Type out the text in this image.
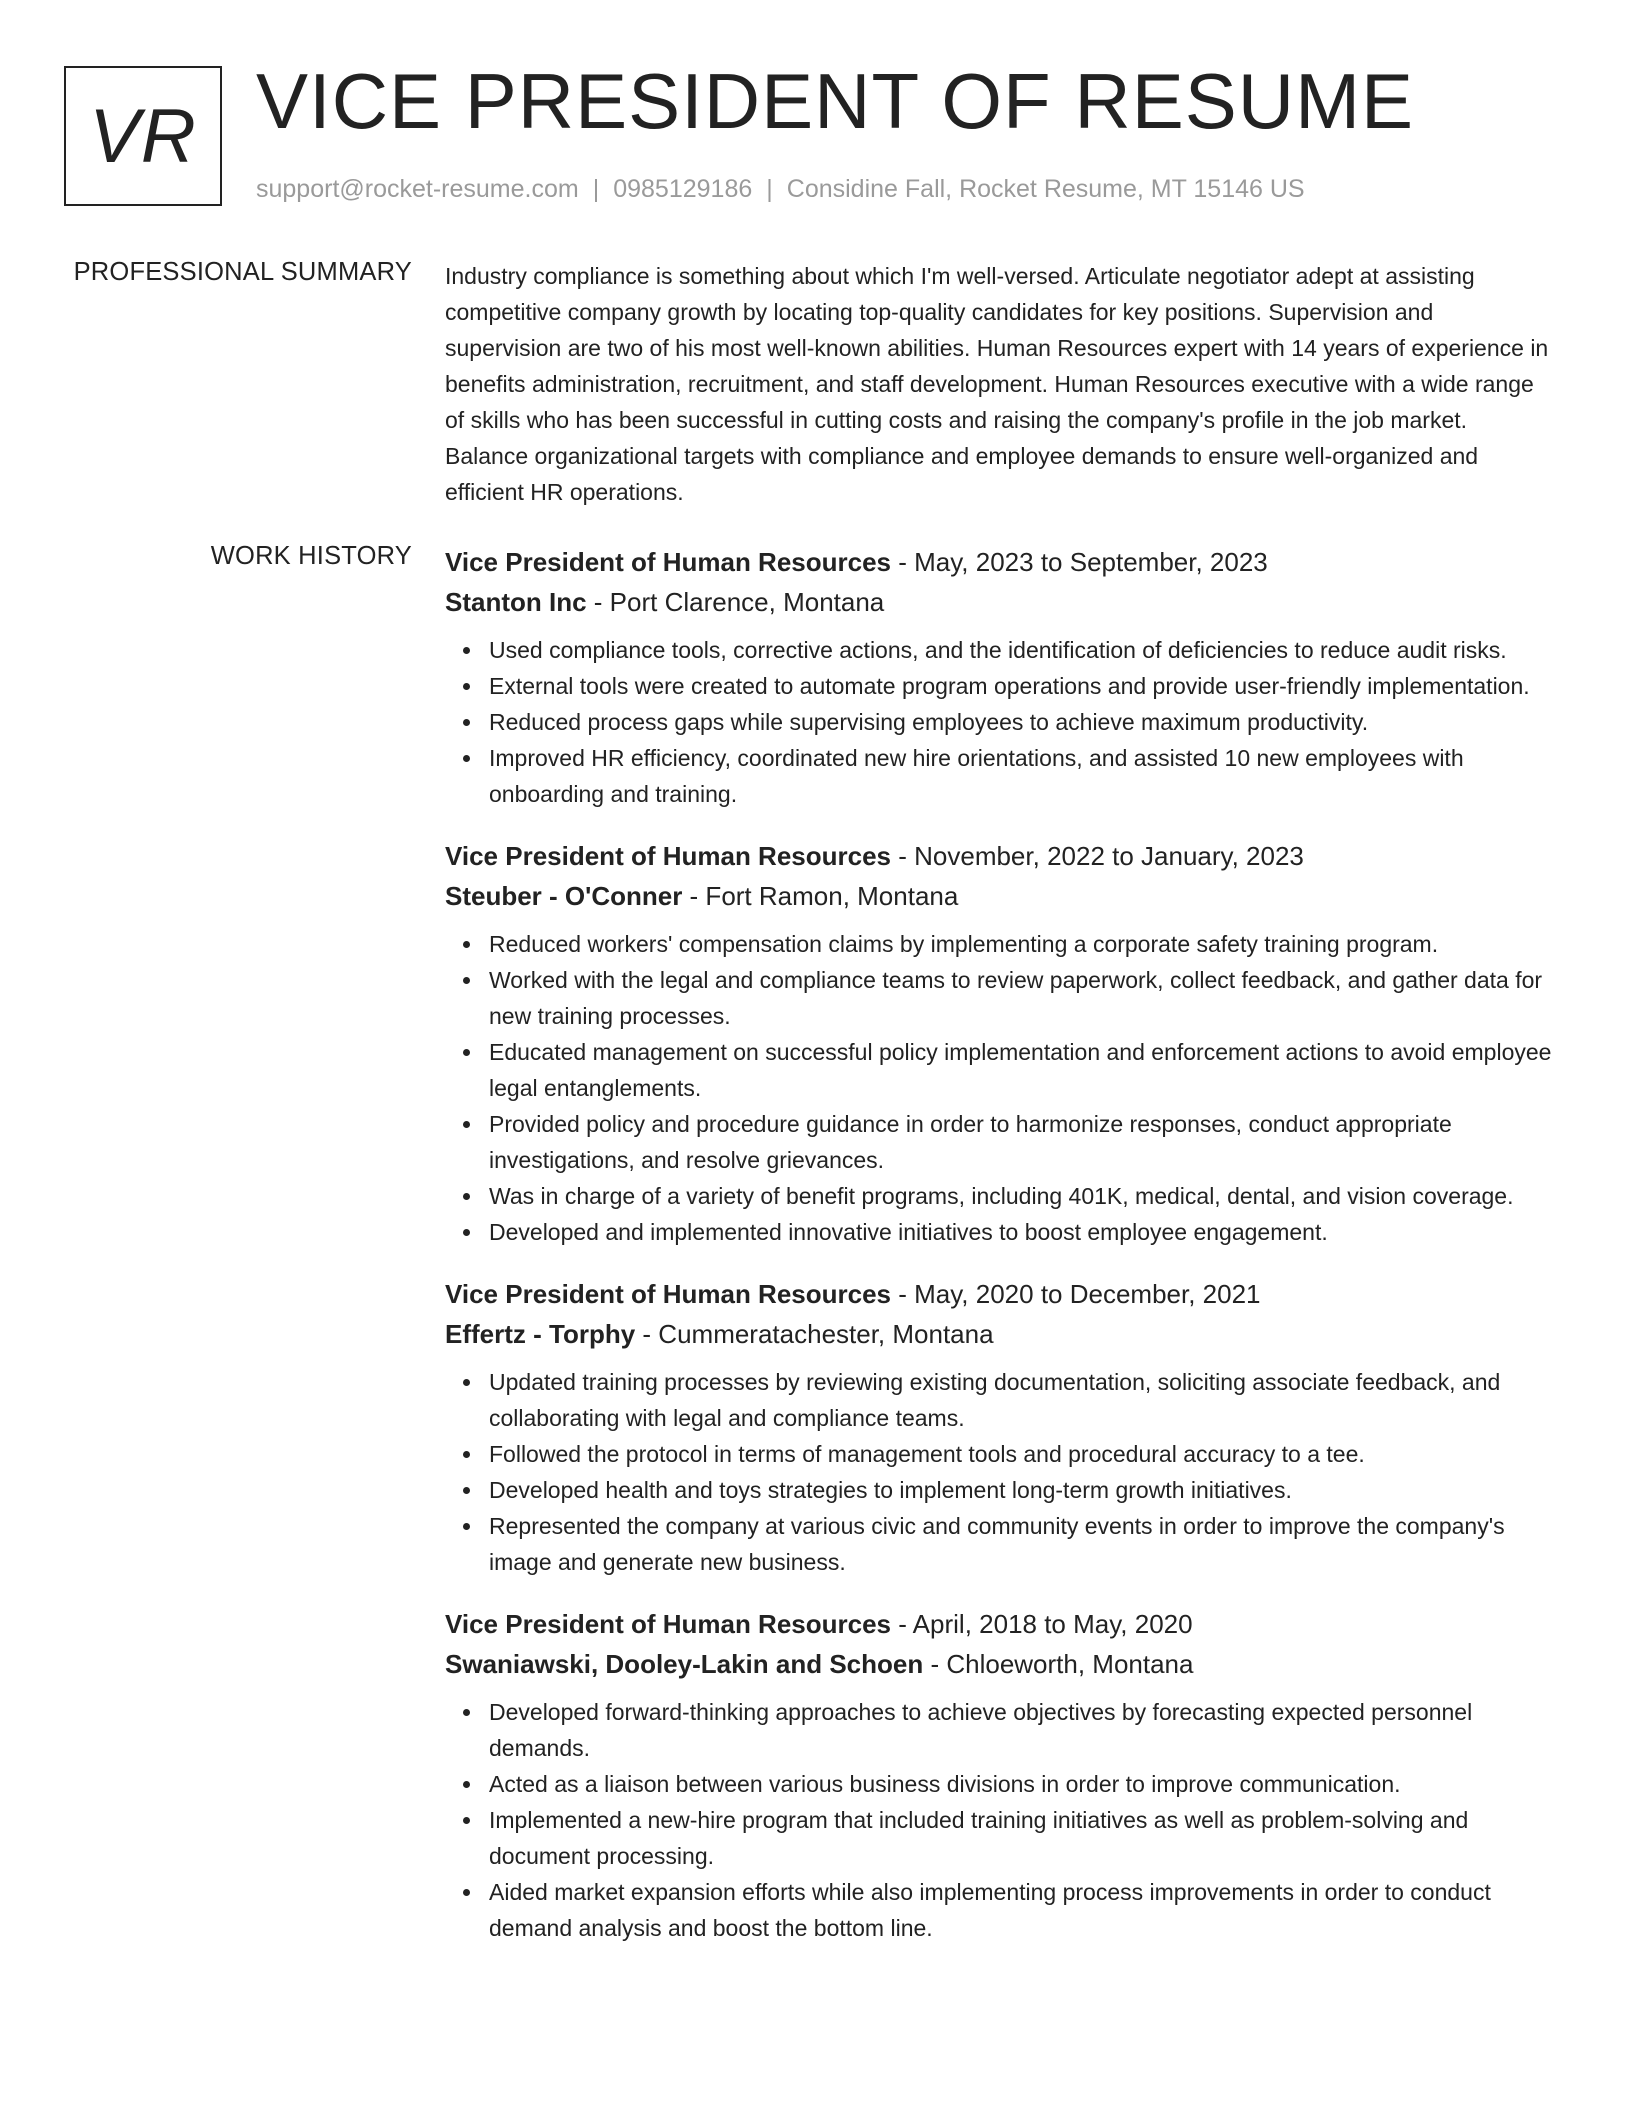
VR VICE PRESIDENT OF RESUME
support@rocket-resume.com | 0985129186 | Considine Fall, Rocket Resume, MT 15146 US
PROFESSIONAL SUMMARY Industry compliance is something about which I'm well-versed. Articulate negotiator adept at assisting competitive company growth by locating top-quality candidates for key positions. Supervision and supervision are two of his most well-known abilities. Human Resources expert with 14 years of experience in benefits administration, recruitment, and staff development. Human Resources executive with a wide range of skills who has been successful in cutting costs and raising the company's profile in the job market. Balance organizational targets with compliance and employee demands to ensure well-organized and efficient HR operations.
WORK HISTORY Vice President of Human Resources - May, 2023 to September, 2023
Stanton Inc - Port Clarence, Montana
Used compliance tools, corrective actions, and the identification of deficiencies to reduce audit risks.
External tools were created to automate program operations and provide user-friendly implementation.
Reduced process gaps while supervising employees to achieve maximum productivity.
Improved HR efficiency, coordinated new hire orientations, and assisted 10 new employees with onboarding and training.
Vice President of Human Resources - November, 2022 to January, 2023
Steuber - O'Conner - Fort Ramon, Montana
Reduced workers' compensation claims by implementing a corporate safety training program.
Worked with the legal and compliance teams to review paperwork, collect feedback, and gather data for new training processes.
Educated management on successful policy implementation and enforcement actions to avoid employee legal entanglements.
Provided policy and procedure guidance in order to harmonize responses, conduct appropriate investigations, and resolve grievances.
Was in charge of a variety of benefit programs, including 401K, medical, dental, and vision coverage.
Developed and implemented innovative initiatives to boost employee engagement.
Vice President of Human Resources - May, 2020 to December, 2021
Effertz - Torphy - Cummeratachester, Montana
Updated training processes by reviewing existing documentation, soliciting associate feedback, and collaborating with legal and compliance teams.
Followed the protocol in terms of management tools and procedural accuracy to a tee.
Developed health and toys strategies to implement long-term growth initiatives.
Represented the company at various civic and community events in order to improve the company's image and generate new business.
Vice President of Human Resources - April, 2018 to May, 2020
Swaniawski, Dooley-Lakin and Schoen - Chloeworth, Montana
Developed forward-thinking approaches to achieve objectives by forecasting expected personnel demands.
Acted as a liaison between various business divisions in order to improve communication.
Implemented a new-hire program that included training initiatives as well as problem-solving and document processing.
Aided market expansion efforts while also implementing process improvements in order to conduct demand analysis and boost the bottom line.
